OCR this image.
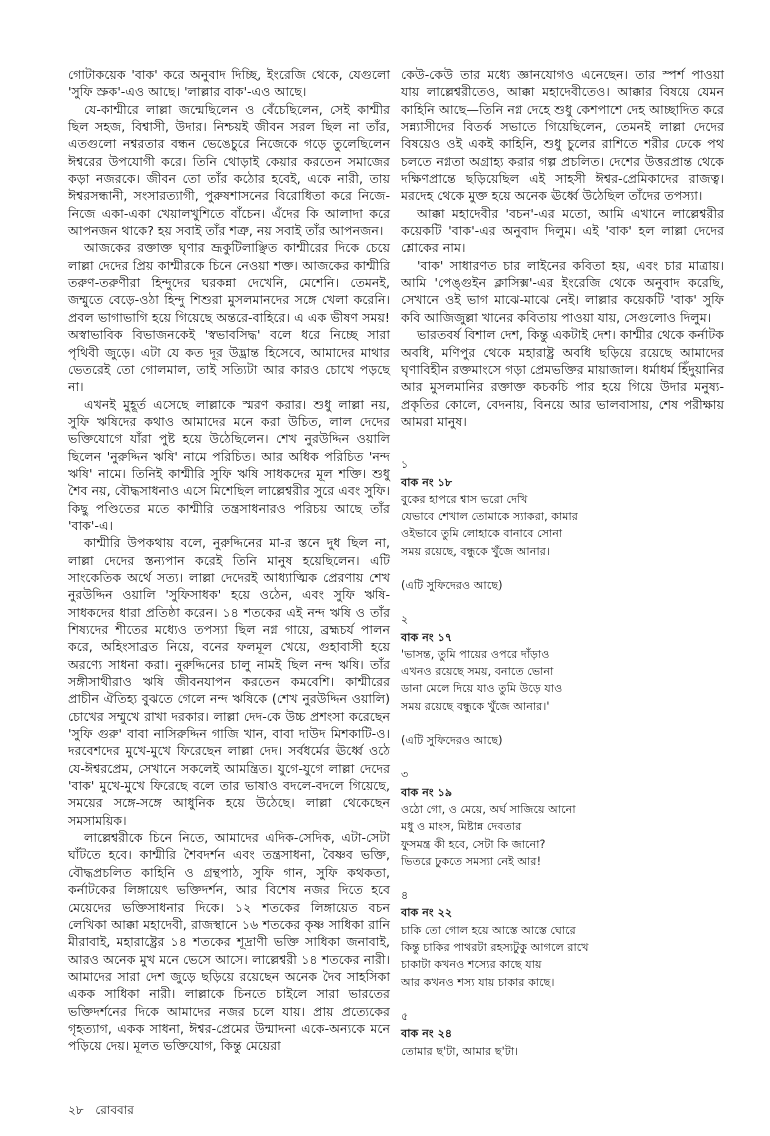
গোটাকয়েক 'বাক' করে অনুবাদ দিচ্ছি, ইংরেজি থেকে, যেগুলো 'সুফি স্রুক'-এও আছে। 'লাল্লার বাক'-এও আছে।

যে-কাশ্মীরে লাল্লা জন্মেছিলেন ও বেঁচেছিলেন, সেই কাশ্মীর ছিল সহজ, বিশ্বাসী, উদার। নিশ্চয়ই জীবন সরল ছিল না তাঁর, এতগুলো নশ্বরতার বন্ধন ভেঙেচুরে নিজেকে গড়ে তুলেছিলেন ঈশ্বরের উপযোগী করে। তিনি থোড়াই কেয়ার করতেন সমাজের কড়া নজরকে। জীবন তো তাঁর কঠোর হবেই, একে নারী, তায় ঈশ্বরসন্ধানী, সংসারত্যাগী, পুরুষশাসনের বিরোধিতা করে নিজে-নিজে একা-একা খেয়ালখুশিতে বাঁচেন। এঁদের কি আলাদা করে আপনজন থাকে? হয় সবাই তাঁর শত্রু, নয় সবাই তাঁর আপনজন।

আজকের রক্তাক্ত ঘৃণার ভ্রূকুটিলাঞ্ছিত কাশ্মীরের দিকে চেয়ে লাল্লা দেদের প্রিয় কাশ্মীরকে চিনে নেওয়া শক্ত। আজকের কাশ্মীরি তরুণ-তরুণীরা হিন্দুদের ঘরকন্না দেখেনি, মেশেনি। তেমনই, জম্মুতে বেড়ে-ওঠা হিন্দু শিশুরা মুসলমানদের সঙ্গে খেলা করেনি। প্রবল ভাগাভাগি হয়ে গিয়েছে অন্তরে-বাহিরে। এ এক ভীষণ সময়! অস্বাভাবিক বিভাজনকেই 'স্বভাবসিদ্ধ' বলে ধরে নিচ্ছে সারা পৃথিবী জুড়ে। এটা যে কত দূর উদ্ভ্রান্ত হিসেবে, আমাদের মাথার ভেতরেই তো গোলমাল, তাই সত্যিটা আর কারও চোখে পড়ছে না।

এখনই মুহূর্ত এসেছে লাল্লাকে স্মরণ করার। শুধু লাল্লা নয়, সুফি ঋষিদের কথাও আমাদের মনে করা উচিত, লাল দেদের ভক্তিযোগে যাঁরা পুষ্ট হয়ে উঠেছিলেন। শেখ নুরউদ্দিন ওয়ালি ছিলেন 'নুরুদ্দিন ঋষি' নামে পরিচিত। আর অধিক পরিচিত 'নন্দ ঋষি' নামে। তিনিই কাশ্মীরি সুফি ঋষি সাধকদের মূল শক্তি। শুধু শৈব নয়, বৌদ্ধসাধনাও এসে মিশেছিল লাল্লেশ্বরীর সুরে এবং সুফি। কিছু পণ্ডিতের মতে কাশ্মীরি তন্ত্রসাধনারও পরিচয় আছে তাঁর 'বাক'-এ।

কাশ্মীরি উপকথায় বলে, নুরুদ্দিনের মা-র স্তনে দুধ ছিল না, লাল্লা দেদের স্তন্যপান করেই তিনি মানুষ হয়েছিলেন। এটি সাংকেতিক অর্থে সত্য। লাল্লা দেদেরই আধ্যাত্মিক প্রেরণায় শেখ নুরউদ্দিন ওয়ালি 'সুফিসাধক' হয়ে ওঠেন, এবং সুফি ঋষি-সাধকদের ধারা প্রতিষ্ঠা করেন। ১৪ শতকের এই নন্দ ঋষি ও তাঁর শিষ্যদের শীতের মধ্যেও তপস্যা ছিল নগ্ন গায়ে, ব্রহ্মচর্য পালন করে, অহিংসাব্রত নিয়ে, বনের ফলমূল খেয়ে, গুহাবাসী হয়ে অরণ্যে সাধনা করা। নুরুদ্দিনের চালু নামই ছিল নন্দ ঋষি। তাঁর সঙ্গীসাথীরাও ঋষি জীবনযাপন করতেন কমবেশি। কাশ্মীরের প্রাচীন ঐতিহ্য বুঝতে গেলে নন্দ ঋষিকে (শেখ নুরউদ্দিন ওয়ালি) চোখের সম্মুখে রাখা দরকার। লাল্লা দেদ-কে উচ্চ প্রশংসা করেছেন 'সুফি গুরু' বাবা নাসিরুদ্দিন গাজি খান, বাবা দাউদ মিশকাটি-ও। দরবেশদের মুখে-মুখে ফিরেছেন লাল্লা দেদ। সর্বধর্মের ঊর্ধ্বে ওঠে যে-ঈশ্বরপ্রেম, সেখানে সকলেই আমন্ত্রিত। যুগে-যুগে লাল্লা দেদের 'বাক' মুখে-মুখে ফিরেছে বলে তার ভাষাও বদলে-বদলে গিয়েছে, সময়ের সঙ্গে-সঙ্গে আধুনিক হয়ে উঠেছে। লাল্লা থেকেছেন সমসাময়িক।

লাল্লেশ্বরীকে চিনে নিতে, আমাদের এদিক-সেদিক, এটা-সেটা ঘাঁটতে হবে। কাশ্মীরি শৈবদর্শন এবং তন্ত্রসাধনা, বৈষ্ণব ভক্তি, বৌদ্ধপ্রচলিত কাহিনি ও গ্রন্থপাঠ, সুফি গান, সুফি কথকতা, কর্নাটকের লিঙ্গায়েৎ ভক্তিদর্শন, আর বিশেষ নজর দিতে হবে মেয়েদের ভক্তিসাধনার দিকে। ১২ শতকের লিঙ্গায়েত বচন লেখিকা আক্কা মহাদেবী, রাজস্থানে ১৬ শতকের কৃষ্ণ সাধিকা রানি মীরাবাই, মহারাষ্ট্রের ১৪ শতকের শূদ্রাণী ভক্তি সাধিকা জনাবাই, আরও অনেক মুখ মনে ভেসে আসে। লাল্লেশ্বরী ১৪ শতকের নারী। আমাদের সারা দেশ জুড়ে ছড়িয়ে রয়েছেন অনেক দৈব সাহসিকা একক সাধিকা নারী। লাল্লাকে চিনতে চাইলে সারা ভারতের ভক্তিদর্শনের দিকে আমাদের নজর চলে যায়। প্রায় প্রত্যেকের গৃহত্যাগ, একক সাধনা, ঈশ্বর-প্রেমের উন্মাদনা একে-অন্যকে মনে পড়িয়ে দেয়। মূলত ভক্তিযোগ, কিন্তু মেয়েরা

কেউ-কেউ তার মধ্যে জ্ঞানযোগও এনেছেন। তার স্পর্শ পাওয়া যায় লাল্লেশ্বরীতেও, আক্কা মহাদেবীতেও। আক্কার বিষয়ে যেমন কাহিনি আছে—তিনি নগ্ন দেহে শুধু কেশপাশে দেহ আচ্ছাদিত করে সন্ন্যাসীদের বিতর্ক সভাতে গিয়েছিলেন, তেমনই লাল্লা দেদের বিষয়েও ওই একই কাহিনি, শুধু চুলের রাশিতে শরীর ঢেকে পথ চলতে নগ্নতা অগ্রাহ্য করার গল্প প্রচলিত। দেশের উত্তরপ্রান্ত থেকে দক্ষিণপ্রান্তে ছড়িয়েছিল এই সাহসী ঈশ্বর-প্রেমিকাদের রাজত্ব। মরদেহ থেকে মুক্ত হয়ে অনেক ঊর্ধ্বে উঠেছিল তাঁদের তপস্যা।

আক্কা মহাদেবীর 'বচন'-এর মতো, আমি এখানে লাল্লেশ্বরীর কয়েকটি 'বাক'-এর অনুবাদ দিলুম। এই 'বাক' হল লাল্লা দেদের শ্লোকের নাম।

'বাক' সাধারণত চার লাইনের কবিতা হয়, এবং চার মাত্রায়। আমি 'পেঙ্গুইন ক্লাসিক্স'-এর ইংরেজি থেকে অনুবাদ করেছি, সেখানে ওই ভাগ মাঝে-মাঝে নেই। লাল্লার কয়েকটি 'বাক' সুফি কবি আজিজুল্লা খানের কবিতায় পাওয়া যায়, সেগুলোও দিলুম।

ভারতবর্ষ বিশাল দেশ, কিন্তু একটাই দেশ। কাশ্মীর থেকে কর্নাটক অবধি, মণিপুর থেকে মহারাষ্ট্র অবধি ছড়িয়ে রয়েছে আমাদের ঘৃণাবিহীন রক্তমাংসে গড়া প্রেমভক্তির মায়াজাল। ধর্মাধর্ম হিঁদুয়ানির আর মুসলমানির রক্তাক্ত কচকচি পার হয়ে গিয়ে উদার মনুষ্য-প্রকৃতির কোলে, বেদনায়, বিনয়ে আর ভালবাসায়, শেষ পরীক্ষায় আমরা মানুষ।

১
বাক নং ১৮
বুকের হাপরে শ্বাস ভরো দেখি
যেভাবে শেখাল তোমাকে স্যাকরা, কামার
ওইভাবে তুমি লোহাকে বানাবে সোনা
সময় রয়েছে, বন্ধুকে খুঁজে আনার।
(এটি সুফিদেরও আছে)
২
বাক নং ১৭
'ভাসন্ত, তুমি পায়ের ওপরে দাঁড়াও
এখনও রয়েছে সময়, বনাতে ভোনা
ডানা মেলে দিয়ে যাও তুমি উড়ে যাও
সময় রয়েছে বন্ধুকে খুঁজে আনার।'
(এটি সুফিদেরও আছে)
৩
বাক নং ১৯
ওঠো গো, ও মেয়ে, অর্ঘ সাজিয়ে আনো
মধু ও মাংস, মিষ্টান্ন দেবতার
ফুসমন্ত্র কী হবে, সেটা কি জানো?
ভিতরে ঢুকতে সমস্যা নেই আর!
৪
বাক নং ২২
চাকি তো গোল হয়ে আস্তে আস্তে ঘোরে
কিন্তু চাকির পাথরটা রহস্যটুকু আগলে রাখে
চাকাটা কখনও শস্যের কাছে যায়
আর কখনও শস্য যায় চাকার কাছে।
৫
বাক নং ২৪
তোমার ছ'টা, আমার ছ'টা।
২৮ রোববার
